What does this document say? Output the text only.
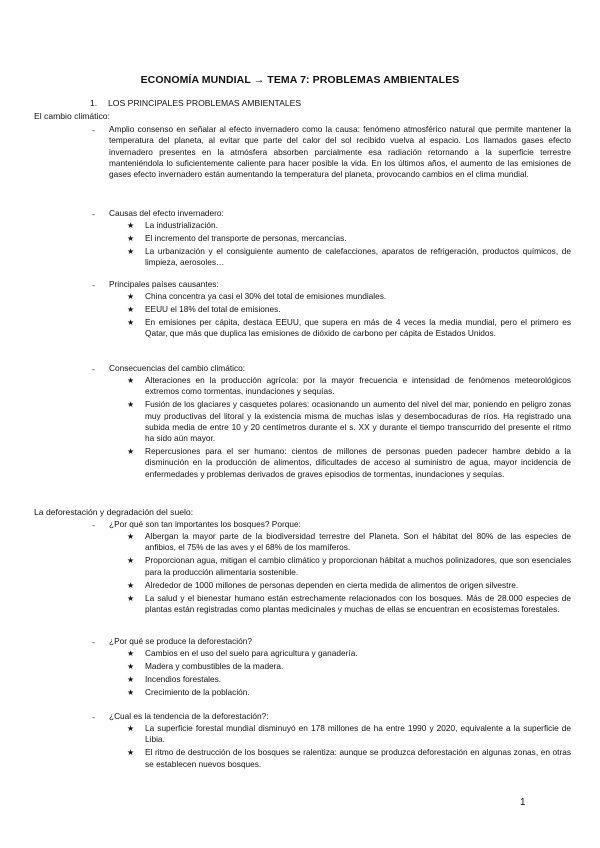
ECONOMÍA MUNDIAL → TEMA 7: PROBLEMAS AMBIENTALES
1. LOS PRINCIPALES PROBLEMAS AMBIENTALES
El cambio climático:
- Amplio consenso en señalar al efecto invernadero como la causa: fenómeno atmosférico natural que permite mantener la temperatura del planeta, al evitar que parte del calor del sol recibido vuelva al espacio. Los llamados gases efecto invernadero presentes en la atmósfera absorben parcialmente esa radiación retornando a la superficie terrestre manteniéndola lo suficientemente caliente para hacer posible la vida. En los últimos años, el aumento de las emisiones de gases efecto invernadero están aumentando la temperatura del planeta, provocando cambios en el clima mundial.
- Causas del efecto invernadero:
★ La industrialización.
★ El incremento del transporte de personas, mercancías.
★ La urbanización y el consiguiente aumento de calefacciones, aparatos de refrigeración, productos químicos, de limpieza, aerosoles…
- Principales países causantes:
★ China concentra ya casi el 30% del total de emisiones mundiales.
★ EEUU el 18% del total de emisiones.
★ En emisiones per cápita, destaca EEUU, que supera en más de 4 veces la media mundial, pero el primero es Qatar, que más que duplica las emisiones de dióxido de carbono per cápita de Estados Unidos.
- Consecuencias del cambio climático:
★ Alteraciones en la producción agrícola: por la mayor frecuencia e intensidad de fenómenos meteorológicos extremos como tormentas, inundaciones y sequías.
★ Fusión de los glaciares y casquetes polares: ocasionando un aumento del nivel del mar, poniendo en peligro zonas muy productivas del litoral y la existencia misma de muchas islas y desembocaduras de ríos. Ha registrado una subida media de entre 10 y 20 centímetros durante el s. XX y durante el tiempo transcurrido del presente el ritmo ha sido aún mayor.
★ Repercusiones para el ser humano: cientos de millones de personas pueden padecer hambre debido a la disminución en la producción de alimentos, dificultades de acceso al suministro de agua, mayor incidencia de enfermedades y problemas derivados de graves episodios de tormentas, inundaciones y sequías.
La deforestación y degradación del suelo:
- ¿Por qué son tan importantes los bosques? Porque:
★ Albergan la mayor parte de la biodiversidad terrestre del Planeta. Son el hábitat del 80% de las especies de anfibios, el 75% de las aves y el 68% de los mamíferos.
★ Proporcionan agua, mitigan el cambio climático y proporcionan hábitat a muchos polinizadores, que son esenciales para la producción alimentaria sostenible.
★ Alrededor de 1000 millones de personas dependen en cierta medida de alimentos de origen silvestre.
★ La salud y el bienestar humano están estrechamente relacionados con los bosques. Más de 28.000 especies de plantas están registradas como plantas medicinales y muchas de ellas se encuentran en ecosistemas forestales.
- ¿Por qué se produce la deforestación?
★ Cambios en el uso del suelo para agricultura y ganadería.
★ Madera y combustibles de la madera.
★ Incendios forestales.
★ Crecimiento de la población.
- ¿Cual es la tendencia de la deforestación?:
★ La superficie forestal mundial disminuyó en 178 millones de ha entre 1990 y 2020, equivalente a la superficie de Libia.
★ El ritmo de destrucción de los bosques se ralentiza: aunque se produzca deforestación en algunas zonas, en otras se establecen nuevos bosques.
1
